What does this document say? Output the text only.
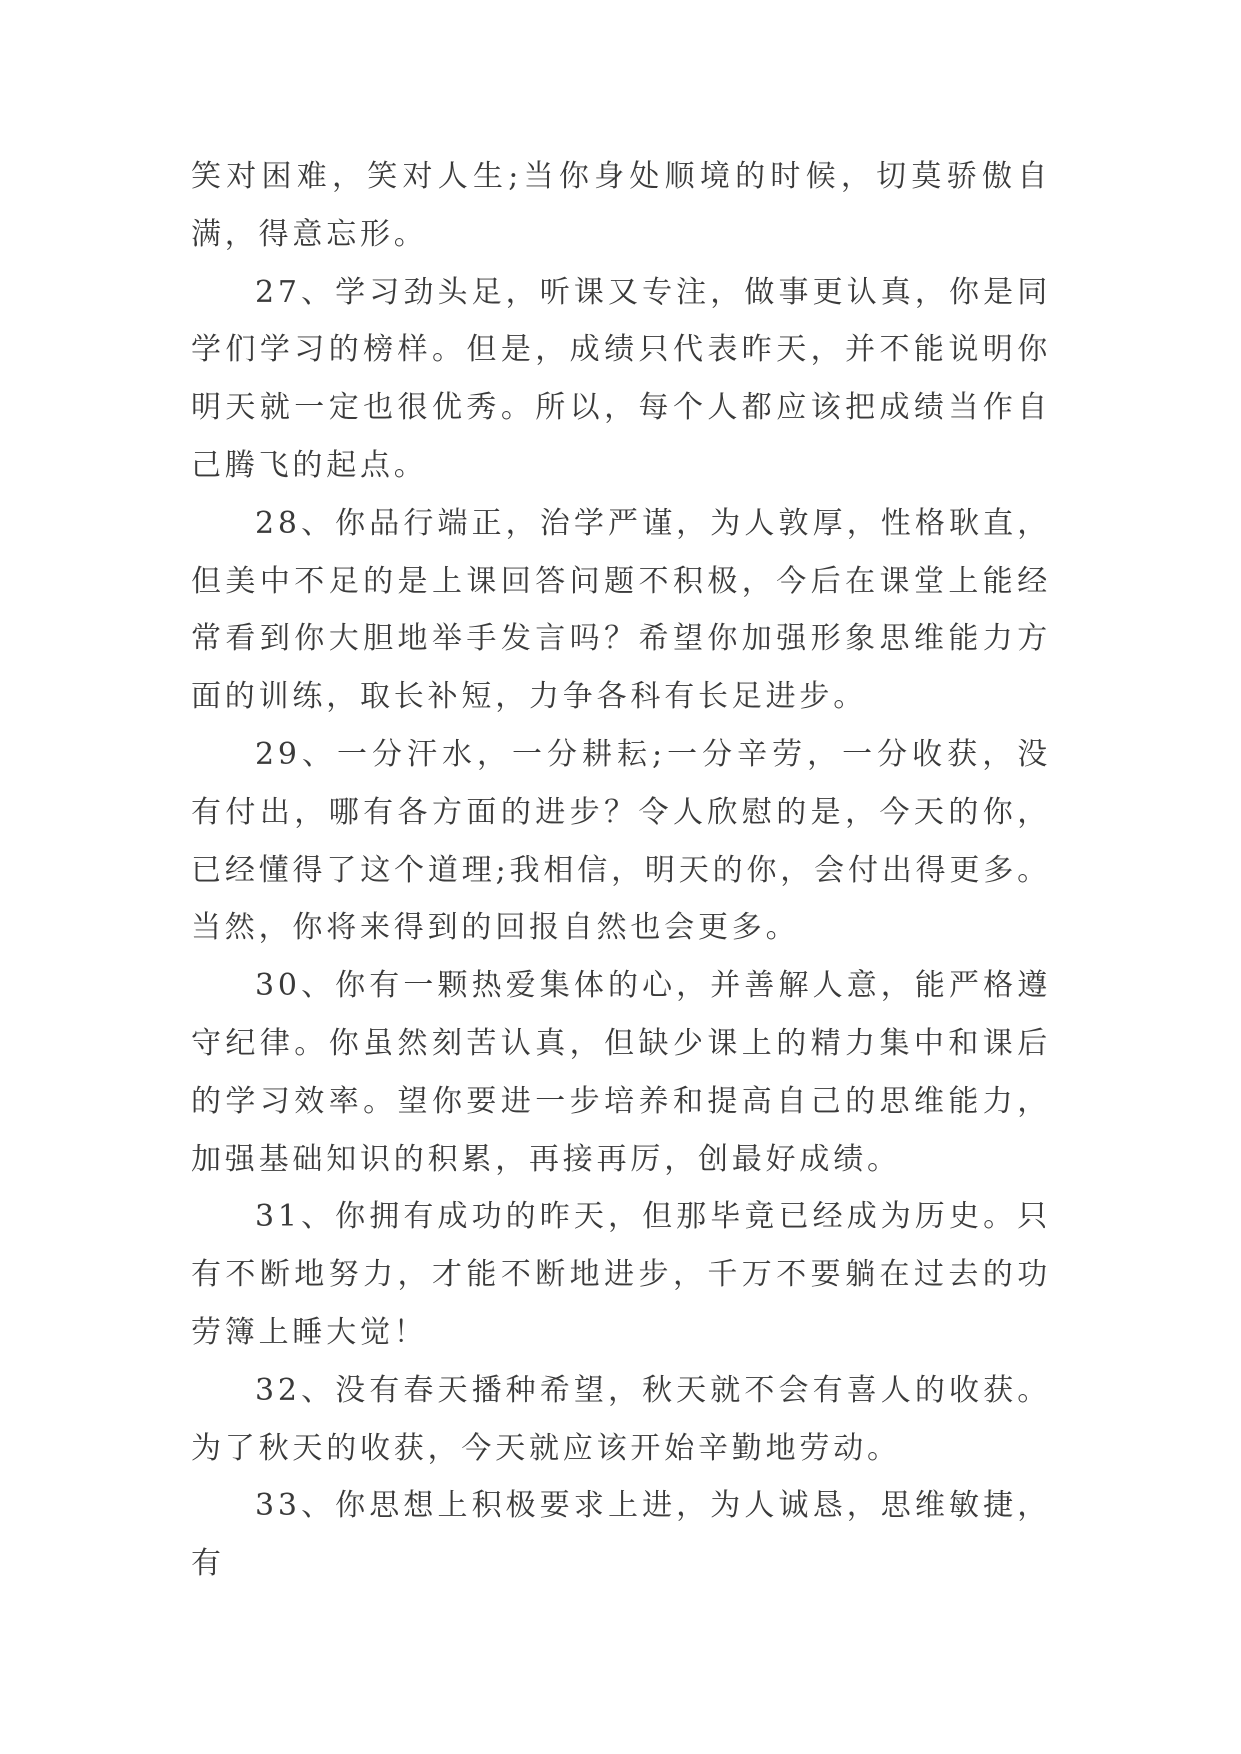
笑对困难，笑对人生;当你身处顺境的时候，切莫骄傲自满，得意忘形。

27、学习劲头足，听课又专注，做事更认真，你是同学们学习的榜样。但是，成绩只代表昨天，并不能说明你明天就一定也很优秀。所以，每个人都应该把成绩当作自己腾飞的起点。

28、你品行端正，治学严谨，为人敦厚，性格耿直，但美中不足的是上课回答问题不积极，今后在课堂上能经常看到你大胆地举手发言吗？希望你加强形象思维能力方面的训练，取长补短，力争各科有长足进步。

29、一分汗水，一分耕耘;一分辛劳，一分收获，没有付出，哪有各方面的进步？令人欣慰的是，今天的你，已经懂得了这个道理;我相信，明天的你，会付出得更多。当然，你将来得到的回报自然也会更多。

30、你有一颗热爱集体的心，并善解人意，能严格遵守纪律。你虽然刻苦认真，但缺少课上的精力集中和课后的学习效率。望你要进一步培养和提高自己的思维能力，加强基础知识的积累，再接再厉，创最好成绩。

31、你拥有成功的昨天，但那毕竟已经成为历史。只有不断地努力，才能不断地进步，千万不要躺在过去的功劳簿上睡大觉！

32、没有春天播种希望，秋天就不会有喜人的收获。为了秋天的收获，今天就应该开始辛勤地劳动。

33、你思想上积极要求上进，为人诚恳，思维敏捷，有
